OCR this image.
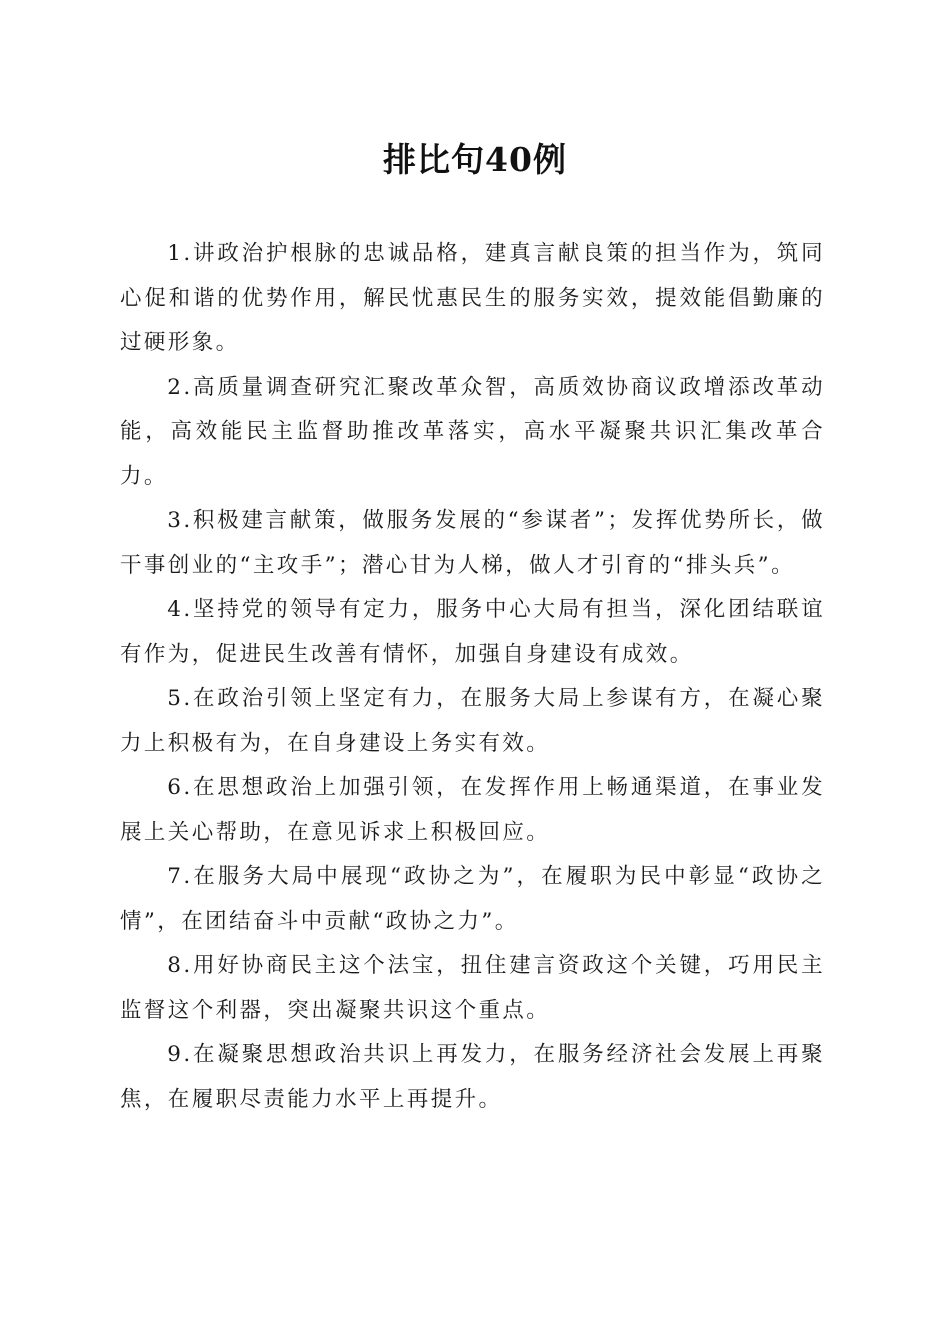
排比句40例

1.讲政治护根脉的忠诚品格，建真言献良策的担当作为，筑同心促和谐的优势作用，解民忧惠民生的服务实效，提效能倡勤廉的过硬形象。

2.高质量调查研究汇聚改革众智，高质效协商议政增添改革动能，高效能民主监督助推改革落实，高水平凝聚共识汇集改革合力。

3.积极建言献策，做服务发展的“参谋者”；发挥优势所长，做干事创业的“主攻手”；潜心甘为人梯，做人才引育的“排头兵”。

4.坚持党的领导有定力，服务中心大局有担当，深化团结联谊有作为，促进民生改善有情怀，加强自身建设有成效。

5.在政治引领上坚定有力，在服务大局上参谋有方，在凝心聚力上积极有为，在自身建设上务实有效。

6.在思想政治上加强引领，在发挥作用上畅通渠道，在事业发展上关心帮助，在意见诉求上积极回应。

7.在服务大局中展现“政协之为”，在履职为民中彰显“政协之情”，在团结奋斗中贡献“政协之力”。

8.用好协商民主这个法宝，扭住建言资政这个关键，巧用民主监督这个利器，突出凝聚共识这个重点。

9.在凝聚思想政治共识上再发力，在服务经济社会发展上再聚焦，在履职尽责能力水平上再提升。
